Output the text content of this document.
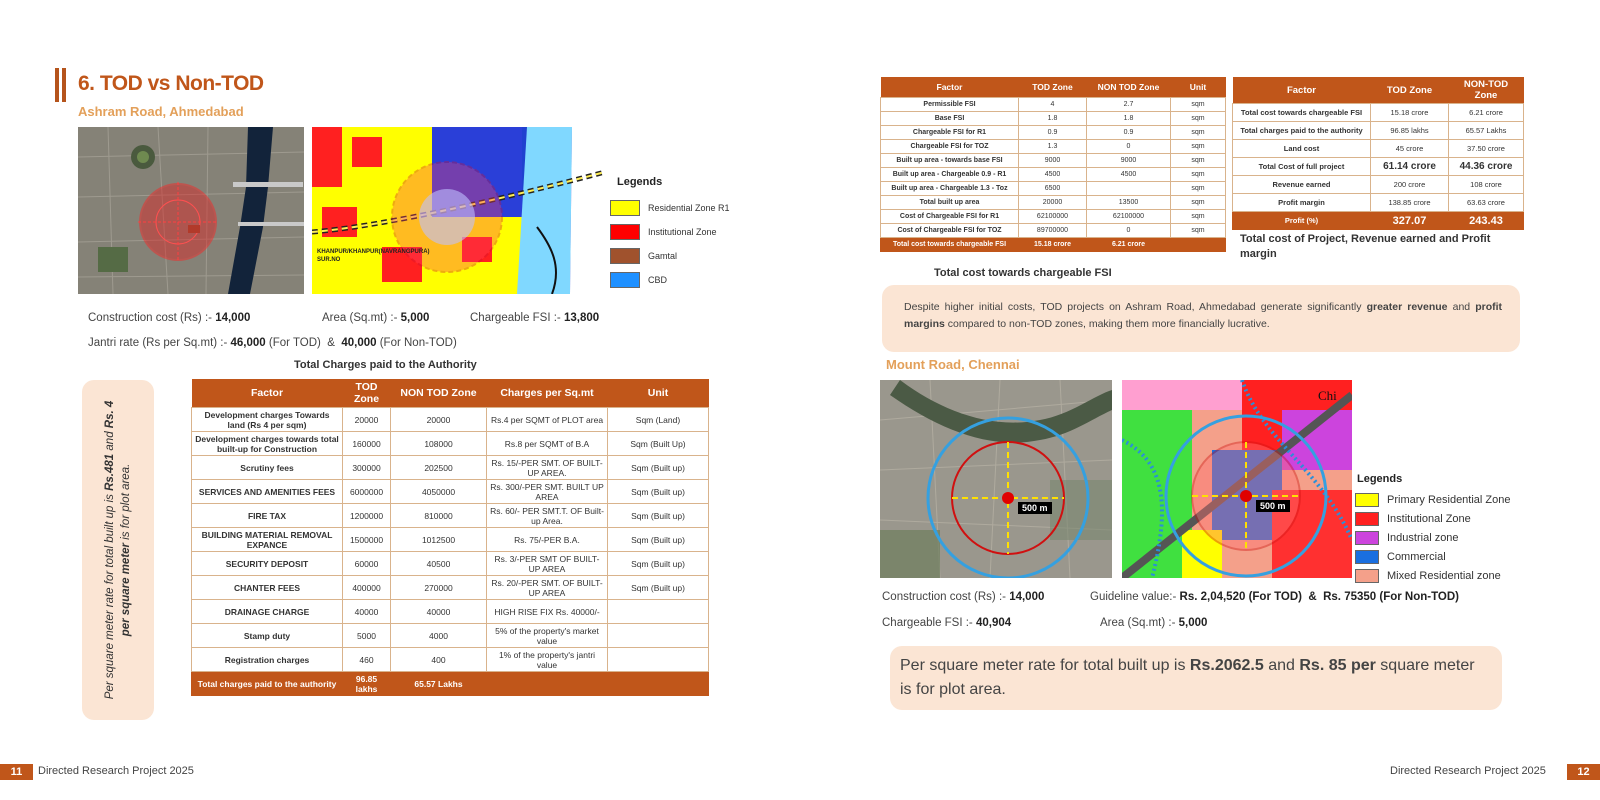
6. TOD vs Non-TOD
Ashram Road, Ahmedabad
KHANPUR/KHANPUR(NAVRANGPURA) SUR.NO
Legends
Residential Zone R1
Institutional Zone
Gamtal
CBD
Construction cost (Rs) :- 14,000	Area (Sq.mt) :- 5,000	Chargeable FSI :- 13,800
Jantri rate (Rs per Sq.mt) :- 46,000 (For TOD) & 40,000 (For Non-TOD)
Total Charges paid to the Authority
Per square meter rate for total built up is Rs.481 and Rs. 4 per square meter is for plot area.
Factor	TOD Zone	NON TOD Zone	Charges per Sq.mt	Unit
Development charges Towards land (Rs 4 per sqm)	20000	20000	Rs.4 per SQMT of PLOT area	Sqm (Land)
Development charges towards total built-up for Construction	160000	108000	Rs.8 per SQMT of B.A	Sqm (Built Up)
Scrutiny fees	300000	202500	Rs. 15/-PER SMT. OF BUILT-UP AREA.	Sqm (Built up)
SERVICES AND AMENITIES FEES	6000000	4050000	Rs. 300/-PER SMT. BUILT UP AREA	Sqm (Built up)
FIRE TAX	1200000	810000	Rs. 60/- PER SMT.T. OF Built-up Area.	Sqm (Built up)
BUILDING MATERIAL REMOVAL EXPANCE	1500000	1012500	Rs. 75/-PER B.A.	Sqm (Built up)
SECURITY DEPOSIT	60000	40500	Rs. 3/-PER SMT OF BUILT-UP AREA	Sqm (Built up)
CHANTER FEES	400000	270000	Rs. 20/-PER SMT. OF BUILT-UP AREA	Sqm (Built up)
DRAINAGE CHARGE	40000	40000	HIGH RISE FIX Rs. 40000/-	
Stamp duty	5000	4000	5% of the property's market value	
Registration charges	460	400	1% of the property's jantri value	
Total charges paid to the authority	96.85 lakhs	65.57 Lakhs		
Factor	TOD Zone	NON TOD Zone	Unit
Permissible FSI	4	2.7	sqm
Base FSI	1.8	1.8	sqm
Chargeable FSI for R1	0.9	0.9	sqm
Chargeable FSI for TOZ	1.3	0	sqm
Built up area - towards base FSI	9000	9000	sqm
Built up area - Chargeable 0.9 - R1	4500	4500	sqm
Built up area - Chargeable 1.3 - Toz	6500		sqm
Total built up area	20000	13500	sqm
Cost of Chargeable FSI for R1	62100000	62100000	sqm
Cost of Chargeable FSI for TOZ	89700000	0	sqm
Total cost towards chargeable FSI	15.18 crore	6.21 crore	
Total cost towards chargeable FSI
Factor	TOD Zone	NON-TOD Zone
Total cost towards chargeable FSI	15.18 crore	6.21 crore
Total charges paid to the authority	96.85 lakhs	65.57 Lakhs
Land cost	45 crore	37.50 crore
Total Cost of full project	61.14 crore	44.36 crore
Revenue earned	200 crore	108 crore
Profit margin	138.85 crore	63.63 crore
Profit (%)	327.07	243.43
Total cost of Project, Revenue earned and Profit margin
Despite higher initial costs, TOD projects on Ashram Road, Ahmedabad generate significantly greater revenue and profit margins compared to non-TOD zones, making them more financially lucrative.
Mount Road, Chennai
500 m	500 m
Chi
Legends
Primary Residential Zone
Institutional Zone
Industrial zone
Commercial
Mixed Residential zone
Construction cost (Rs) :- 14,000	Guideline value:- Rs. 2,04,520 (For TOD) & Rs. 75350 (For Non-TOD)
Chargeable FSI :- 40,904	Area (Sq.mt) :- 5,000
Per square meter rate for total built up is Rs.2062.5 and Rs. 85 per square meter is for plot area.
11	Directed Research Project 2025	Directed Research Project 2025	12
